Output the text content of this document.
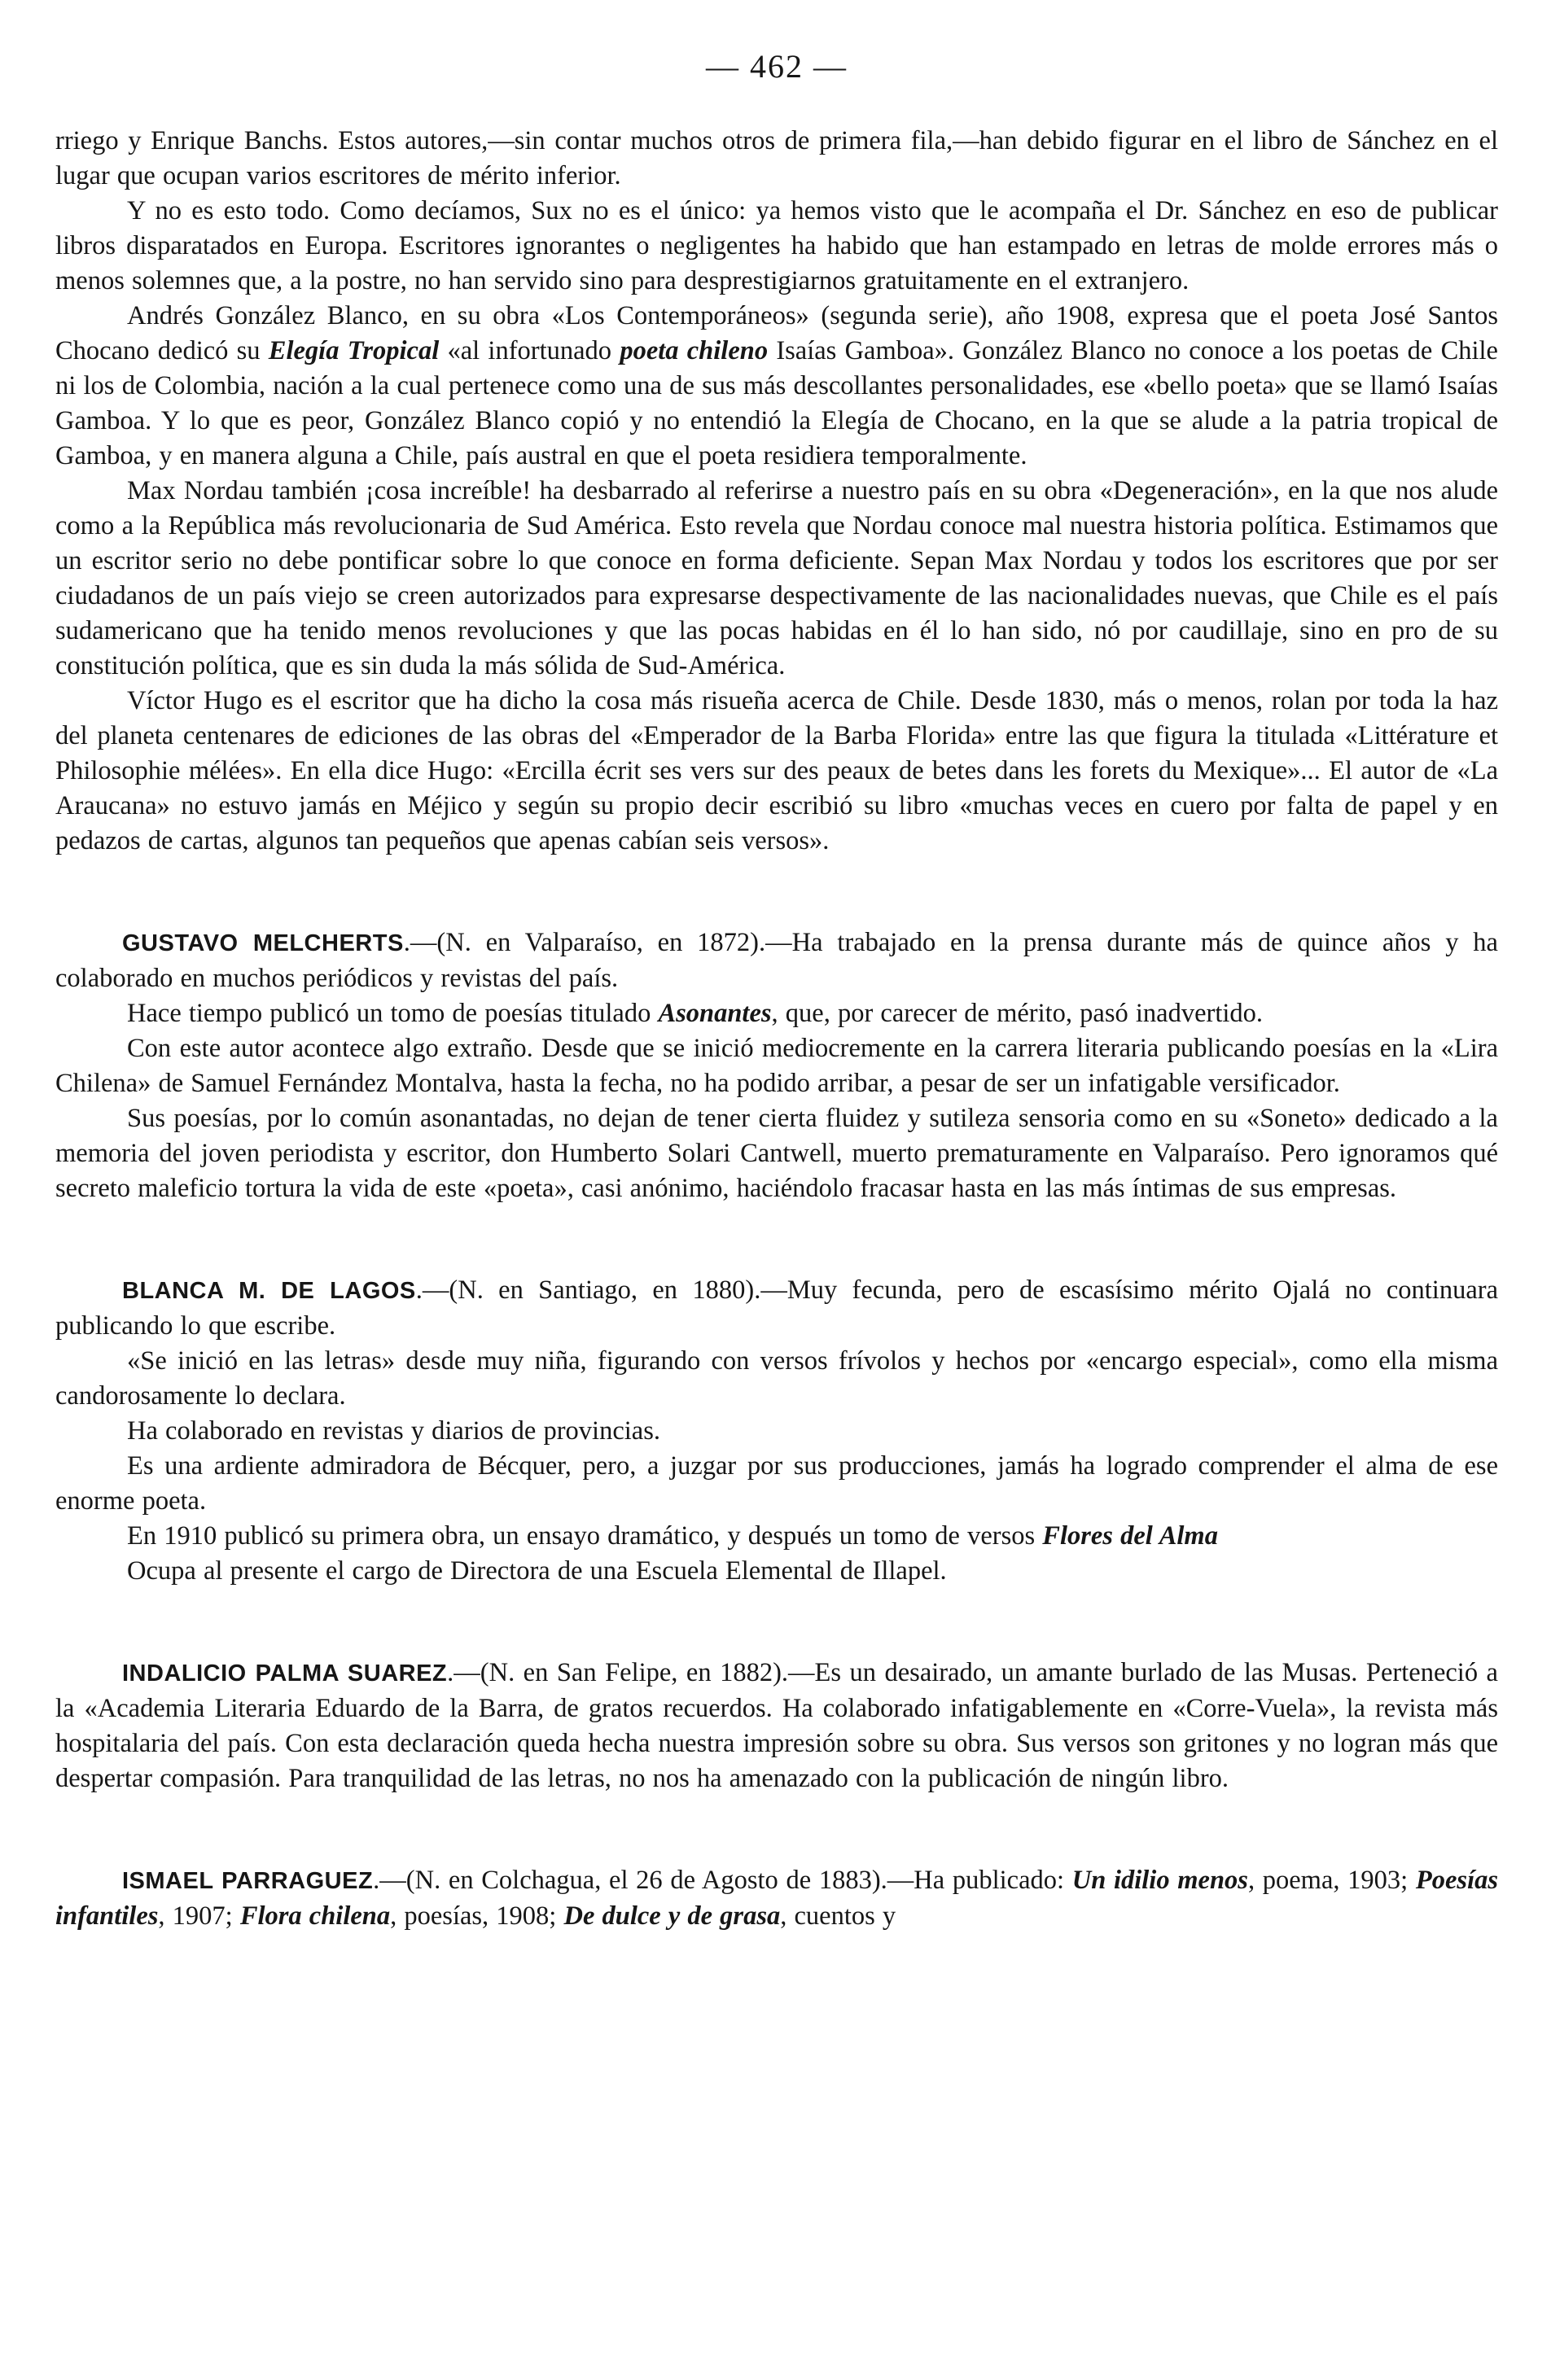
— 462 —

rriego y Enrique Banchs. Estos autores,—sin contar muchos otros de primera fila,—han debido figurar en el libro de Sánchez en el lugar que ocupan varios escritores de mérito inferior.

Y no es esto todo. Como decíamos, Sux no es el único: ya hemos visto que le acompaña el Dr. Sánchez en eso de publicar libros disparatados en Europa. Escritores ignorantes o negligentes ha habido que han estampado en letras de molde errores más o menos solemnes que, a la postre, no han servido sino para desprestigiarnos gratuitamente en el extranjero.

Andrés González Blanco, en su obra «Los Contemporáneos» (segunda serie), año 1908, expresa que el poeta José Santos Chocano dedicó su Elegía Tropical «al infortunado poeta chileno Isaías Gamboa». González Blanco no conoce a los poetas de Chile ni los de Colombia, nación a la cual pertenece como una de sus más descollantes personalidades, ese «bello poeta» que se llamó Isaías Gamboa. Y lo que es peor, González Blanco copió y no entendió la Elegía de Chocano, en la que se alude a la patria tropical de Gamboa, y en manera alguna a Chile, país austral en que el poeta residiera temporalmente.

Max Nordau también ¡cosa increíble! ha desbarrado al referirse a nuestro país en su obra «Degeneración», en la que nos alude como a la República más revolucionaria de Sud América. Esto revela que Nordau conoce mal nuestra historia política. Estimamos que un escritor serio no debe pontificar sobre lo que conoce en forma deficiente. Sepan Max Nordau y todos los escritores que por ser ciudadanos de un país viejo se creen autorizados para expresarse despectivamente de las nacionalidades nuevas, que Chile es el país sudamericano que ha tenido menos revoluciones y que las pocas habidas en él lo han sido, nó por caudillaje, sino en pro de su constitución política, que es sin duda la más sólida de Sud-América.

Víctor Hugo es el escritor que ha dicho la cosa más risueña acerca de Chile. Desde 1830, más o menos, rolan por toda la haz del planeta centenares de ediciones de las obras del «Emperador de la Barba Florida» entre las que figura la titulada «Littérature et Philosophie mélées». En ella dice Hugo: «Ercilla écrit ses vers sur des peaux de betes dans les forets du Mexique»... El autor de «La Araucana» no estuvo jamás en Méjico y según su propio decir escribió su libro «muchas veces en cuero por falta de papel y en pedazos de cartas, algunos tan pequeños que apenas cabían seis versos».

GUSTAVO MELCHERTS.—(N. en Valparaíso, en 1872).—Ha trabajado en la prensa durante más de quince años y ha colaborado en muchos periódicos y revistas del país.

Hace tiempo publicó un tomo de poesías titulado Asonantes, que, por carecer de mérito, pasó inadvertido.

Con este autor acontece algo extraño. Desde que se inició mediocremente en la carrera literaria publicando poesías en la «Lira Chilena» de Samuel Fernández Montalva, hasta la fecha, no ha podido arribar, a pesar de ser un infatigable versificador.

Sus poesías, por lo común asonantadas, no dejan de tener cierta fluidez y sutileza sensoria como en su «Soneto» dedicado a la memoria del joven periodista y escritor, don Humberto Solari Cantwell, muerto prematuramente en Valparaíso. Pero ignoramos qué secreto maleficio tortura la vida de este «poeta», casi anónimo, haciéndolo fracasar hasta en las más íntimas de sus empresas.

BLANCA M. DE LAGOS.—(N. en Santiago, en 1880).—Muy fecunda, pero de escasísimo mérito Ojalá no continuara publicando lo que escribe.

«Se inició en las letras» desde muy niña, figurando con versos frívolos y hechos por «encargo especial», como ella misma candorosamente lo declara.

Ha colaborado en revistas y diarios de provincias.

Es una ardiente admiradora de Bécquer, pero, a juzgar por sus producciones, jamás ha logrado comprender el alma de ese enorme poeta.

En 1910 publicó su primera obra, un ensayo dramático, y después un tomo de versos Flores del Alma

Ocupa al presente el cargo de Directora de una Escuela Elemental de Illapel.

INDALICIO PALMA SUAREZ.—(N. en San Felipe, en 1882).—Es un desairado, un amante burlado de las Musas. Perteneció a la «Academia Literaria Eduardo de la Barra, de gratos recuerdos. Ha colaborado infatigablemente en «Corre-Vuela», la revista más hospitalaria del país. Con esta declaración queda hecha nuestra impresión sobre su obra. Sus versos son gritones y no logran más que despertar compasión. Para tranquilidad de las letras, no nos ha amenazado con la publicación de ningún libro.

ISMAEL PARRAGUEZ.—(N. en Colchagua, el 26 de Agosto de 1883).—Ha publicado: Un idilio menos, poema, 1903; Poesías infantiles, 1907; Flora chilena, poesías, 1908; De dulce y de grasa, cuentos y
